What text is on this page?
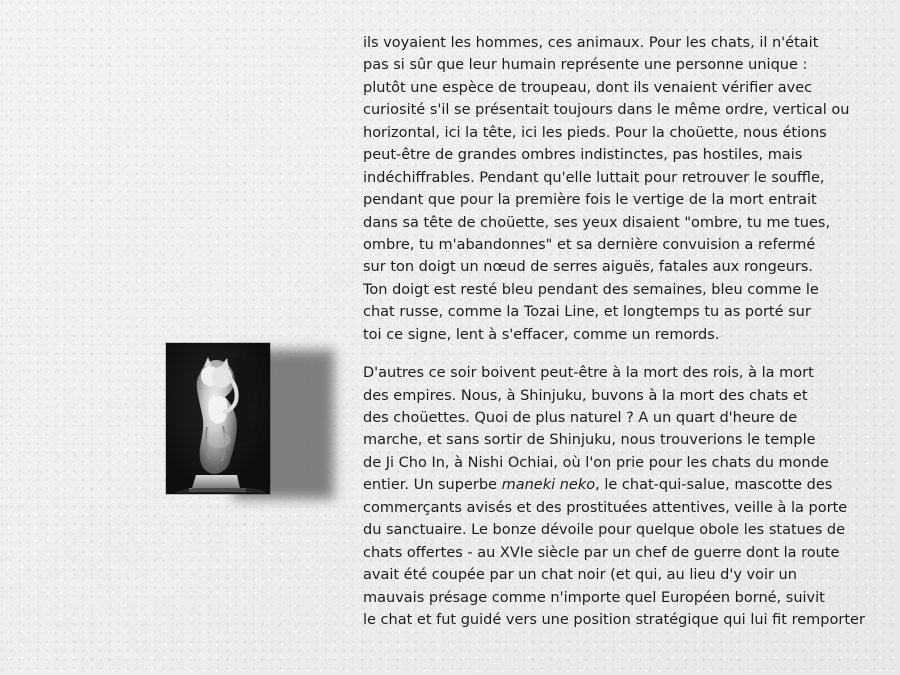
ils voyaient les hommes, ces animaux. Pour les chats, il n'était
pas si sûr que leur humain représente une personne unique :
plutôt une espèce de troupeau, dont ils venaient vérifier avec
curiosité s'il se présentait toujours dans le même ordre, vertical ou
horizontal, ici la tête, ici les pieds. Pour la choüette, nous étions
peut-être de grandes ombres indistinctes, pas hostiles, mais
indéchiffrables. Pendant qu'elle luttait pour retrouver le souffle,
pendant que pour la première fois le vertige de la mort entrait
dans sa tête de choüette, ses yeux disaient "ombre, tu me tues,
ombre, tu m'abandonnes" et sa dernière convuision a refermé
sur ton doigt un nœud de serres aiguës, fatales aux rongeurs.
Ton doigt est resté bleu pendant des semaines, bleu comme le
chat russe, comme la Tozai Line, et longtemps tu as porté sur
toi ce signe, lent à s'effacer, comme un remords.
D'autres ce soir boivent peut-être à la mort des rois, à la mort
des empires. Nous, à Shinjuku, buvons à la mort des chats et
des choüettes. Quoi de plus naturel ? A un quart d'heure de
marche, et sans sortir de Shinjuku, nous trouverions le temple
de Ji Cho In, à Nishi Ochiai, où l'on prie pour les chats du monde
entier. Un superbe maneki neko, le chat-qui-salue, mascotte des
commerçants avisés et des prostituées attentives, veille à la porte
du sanctuaire. Le bonze dévoile pour quelque obole les statues de
chats offertes - au XVIe siècle par un chef de guerre dont la route
avait été coupée par un chat noir (et qui, au lieu d'y voir un
mauvais présage comme n'importe quel Européen borné, suivit
le chat et fut guidé vers une position stratégique qui lui fit remporter
